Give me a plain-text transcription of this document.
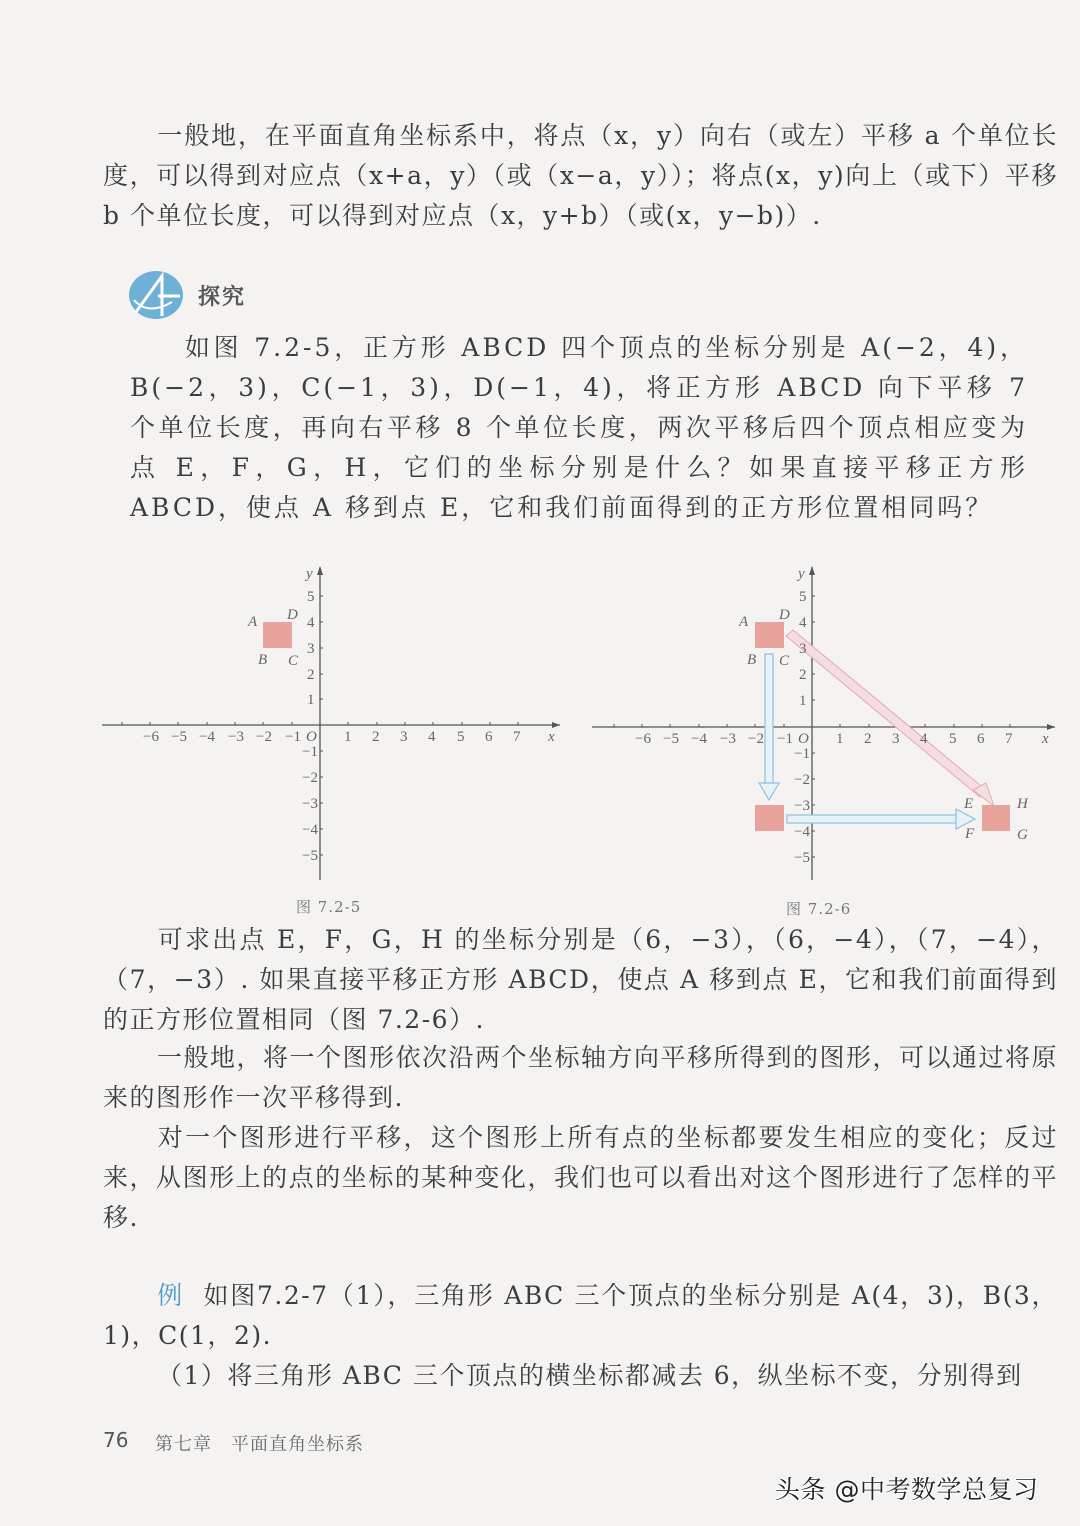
一般地，在平面直角坐标系中，将点（x，y）向右（或左）平移 a 个单位长度，可以得到对应点（x+a，y）（或（x−a，y））；将点(x，y)向上（或下）平移 b 个单位长度，可以得到对应点（x，y+b）（或(x，y−b)）.
探究
如图 7.2-5，正方形 ABCD 四个顶点的坐标分别是 A(−2，4)，B(−2，3)，C(−1，3)，D(−1，4)，将正方形 ABCD 向下平移 7 个单位长度，再向右平移 8 个单位长度，两次平移后四个顶点相应变为点 E，F，G，H，它们的坐标分别是什么？如果直接平移正方形 ABCD，使点 A 移到点 E，它和我们前面得到的正方形位置相同吗？
−6 −5 −4 −3 −2 −1	1 2 3 4 5 6 7
O	x
y
5
4
3
2
1
−1
−2
−3
−4
−5
A
B C
D
图 7.2-5
−6 −5 −4 −3 −2 −1	1 2 3 4 5 6 7
O	x
y
5
4
3
2
1
−1
−2
−3
−4
−5
A
B C
D
E
F	G
H
图 7.2-6
可求出点 E，F，G，H 的坐标分别是（6，−3），（6，−4），（7，−4），（7，−3）. 如果直接平移正方形 ABCD，使点 A 移到点 E，它和我们前面得到的正方形位置相同（图 7.2-6）.
一般地，将一个图形依次沿两个坐标轴方向平移所得到的图形，可以通过将原来的图形作一次平移得到.
对一个图形进行平移，这个图形上所有点的坐标都要发生相应的变化；反过来，从图形上的点的坐标的某种变化，我们也可以看出对这个图形进行了怎样的平移.
例 如图7.2-7（1），三角形 ABC 三个顶点的坐标分别是 A(4，3)，B(3，1)，C(1，2).
（1）将三角形 ABC 三个顶点的横坐标都减去 6，纵坐标不变，分别得到
76 第七章　平面直角坐标系
头条 @中考数学总复习
